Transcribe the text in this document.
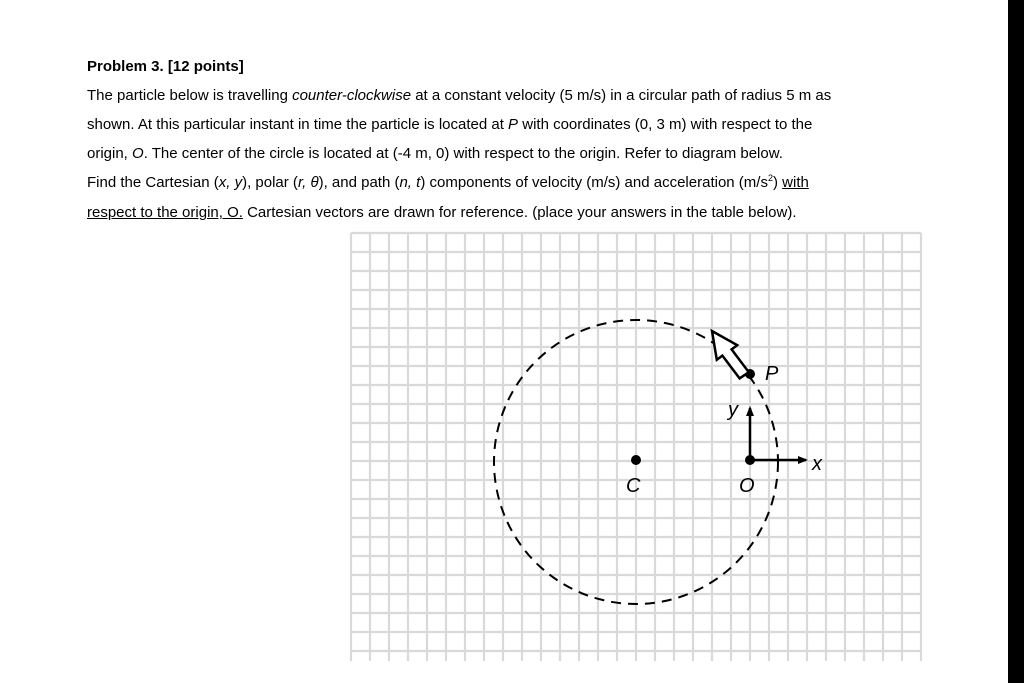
Problem 3. [12 points]
The particle below is travelling counter-clockwise at a constant velocity (5 m/s) in a circular path of radius 5 m as
shown. At this particular instant in time the particle is located at P with coordinates (0, 3 m) with respect to the
origin, O. The center of the circle is located at (-4 m, 0) with respect to the origin. Refer to diagram below.
Find the Cartesian (x, y), polar (r, θ), and path (n, t) components of velocity (m/s) and acceleration $(m/s^2)$ with
respect to the origin, O. Cartesian vectors are drawn for reference. (place your answers in the table below).
P
y
x
C	O
